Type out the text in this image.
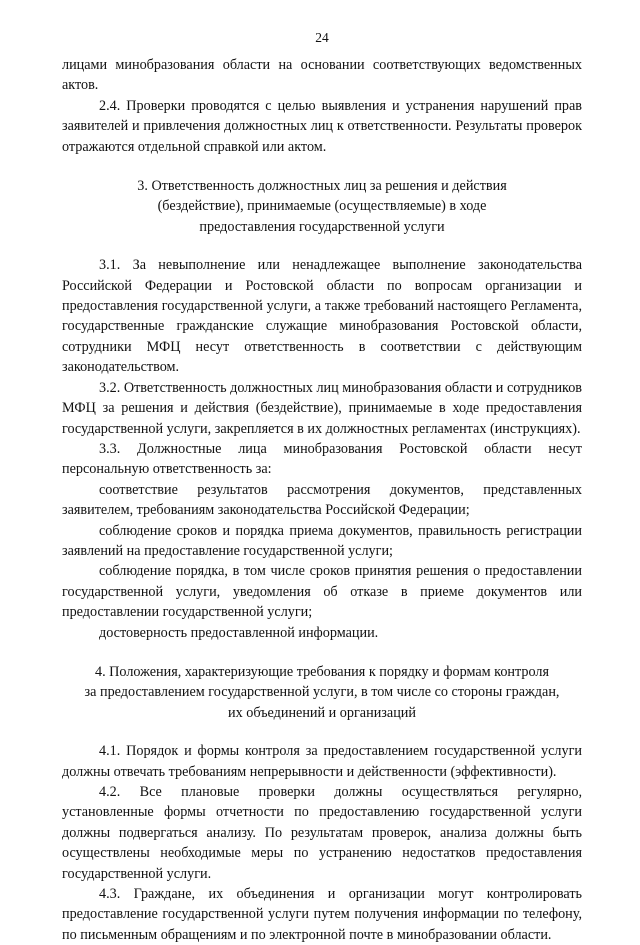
24

лицами минобразования области на основании соответствующих ведомственных актов.

2.4. Проверки проводятся с целью выявления и устранения нарушений прав заявителей и привлечения должностных лиц к ответственности. Результаты проверок отражаются отдельной справкой или актом.

3. Ответственность должностных лиц за решения и действия
(бездействие), принимаемые (осуществляемые) в ходе
предоставления государственной услуги

3.1. За невыполнение или ненадлежащее выполнение законодательства Российской Федерации и Ростовской области по вопросам организации и предоставления государственной услуги, а также требований настоящего Регламента, государственные гражданские служащие минобразования Ростовской области, сотрудники МФЦ несут ответственность в соответствии с действующим законодательством.

3.2. Ответственность должностных лиц минобразования области и сотрудников МФЦ за решения и действия (бездействие), принимаемые в ходе предоставления государственной услуги, закрепляется в их должностных регламентах (инструкциях).

3.3. Должностные лица минобразования Ростовской области несут персональную ответственность за:

соответствие результатов рассмотрения документов, представленных заявителем, требованиям законодательства Российской Федерации;

соблюдение сроков и порядка приема документов, правильность регистрации заявлений на предоставление государственной услуги;

соблюдение порядка, в том числе сроков принятия решения о предоставлении государственной услуги, уведомления об отказе в приеме документов или предоставлении государственной услуги;

достоверность предоставленной информации.

4. Положения, характеризующие требования к порядку и формам контроля
за предоставлением государственной услуги, в том числе со стороны граждан,
их объединений и организаций

4.1. Порядок и формы контроля за предоставлением государственной услуги должны отвечать требованиям непрерывности и действенности (эффективности).

4.2. Все плановые проверки должны осуществляться регулярно, установленные формы отчетности по предоставлению государственной услуги должны подвергаться анализу. По результатам проверок, анализа должны быть осуществлены необходимые меры по устранению недостатков предоставления государственной услуги.

4.3. Граждане, их объединения и организации могут контролировать предоставление государственной услуги путем получения информации по телефону, по письменным обращениям и по электронной почте в минобразовании области.
